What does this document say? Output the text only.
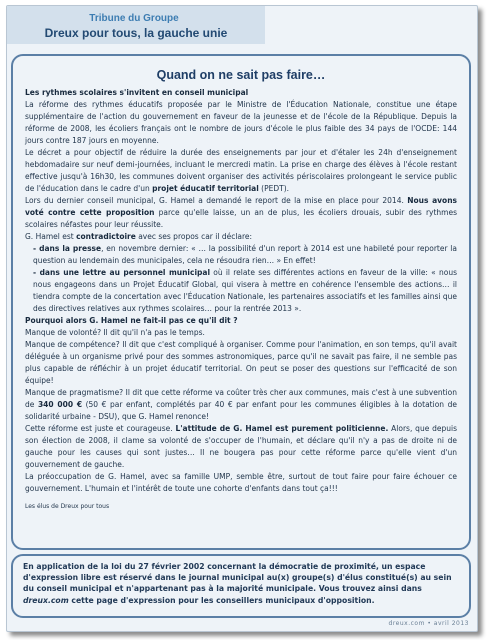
Tribune du Groupe
Dreux pour tous, la gauche unie
Quand on ne sait pas faire…

Les rythmes scolaires s'invitent en conseil municipal

La réforme des rythmes éducatifs proposée par le Ministre de l'Éducation Nationale, constitue une étape supplémentaire de l'action du gouvernement en faveur de la jeunesse et de l'école de la République. Depuis la réforme de 2008, les écoliers français ont le nombre de jours d'école le plus faible des 34 pays de l'OCDE: 144 jours contre 187 jours en moyenne.

Le décret a pour objectif de réduire la durée des enseignements par jour et d'étaler les 24h d'enseignement hebdomadaire sur neuf demi-journées, incluant le mercredi matin. La prise en charge des élèves à l'école restant effective jusqu'à 16h30, les communes doivent organiser des activités périscolaires prolongeant le service public de l'éducation dans le cadre d'un projet éducatif territorial (PEDT).

Lors du dernier conseil municipal, G. Hamel a demandé le report de la mise en place pour 2014. Nous avons voté contre cette proposition parce qu'elle laisse, un an de plus, les écoliers drouais, subir des rythmes scolaires néfastes pour leur réussite.

G. Hamel est contradictoire avec ses propos car il déclare:

- dans la presse, en novembre dernier: « … la possibilité d'un report à 2014 est une habileté pour reporter la question au lendemain des municipales, cela ne résoudra rien… » En effet!

- dans une lettre au personnel municipal où il relate ses différentes actions en faveur de la ville: « nous nous engageons dans un Projet Éducatif Global, qui visera à mettre en cohérence l'ensemble des actions… il tiendra compte de la concertation avec l'Éducation Nationale, les partenaires associatifs et les familles ainsi que des directives relatives aux rythmes scolaires… pour la rentrée 2013 ».

Pourquoi alors G. Hamel ne fait-il pas ce qu'il dit ?

Manque de volonté? Il dit qu'il n'a pas le temps.

Manque de compétence? Il dit que c'est compliqué à organiser. Comme pour l'animation, en son temps, qu'il avait déléguée à un organisme privé pour des sommes astronomiques, parce qu'il ne savait pas faire, il ne semble pas plus capable de réfléchir à un projet éducatif territorial. On peut se poser des questions sur l'efficacité de son équipe!

Manque de pragmatisme? Il dit que cette réforme va coûter très cher aux communes, mais c'est à une subvention de 340 000 € (50 € par enfant, complétés par 40 € par enfant pour les communes éligibles à la dotation de solidarité urbaine - DSU), que G. Hamel renonce!

Cette réforme est juste et courageuse. L'attitude de G. Hamel est purement politicienne. Alors, que depuis son élection de 2008, il clame sa volonté de s'occuper de l'humain, et déclare qu'il n'y a pas de droite ni de gauche pour les causes qui sont justes… Il ne bougera pas pour cette réforme parce qu'elle vient d'un gouvernement de gauche.

La préoccupation de G. Hamel, avec sa famille UMP, semble être, surtout de tout faire pour faire échouer ce gouvernement. L'humain et l'intérêt de toute une cohorte d'enfants dans tout ça!!!

Les élus de Dreux pour tous

En application de la loi du 27 février 2002 concernant la démocratie de proximité, un espace d'expression libre est réservé dans le journal municipal au(x) groupe(s) d'élus constitué(s) au sein du conseil municipal et n'appartenant pas à la majorité municipale. Vous trouvez ainsi dans dreux.com cette page d'expression pour les conseillers municipaux d'opposition.

dreux.com • avril 2013
